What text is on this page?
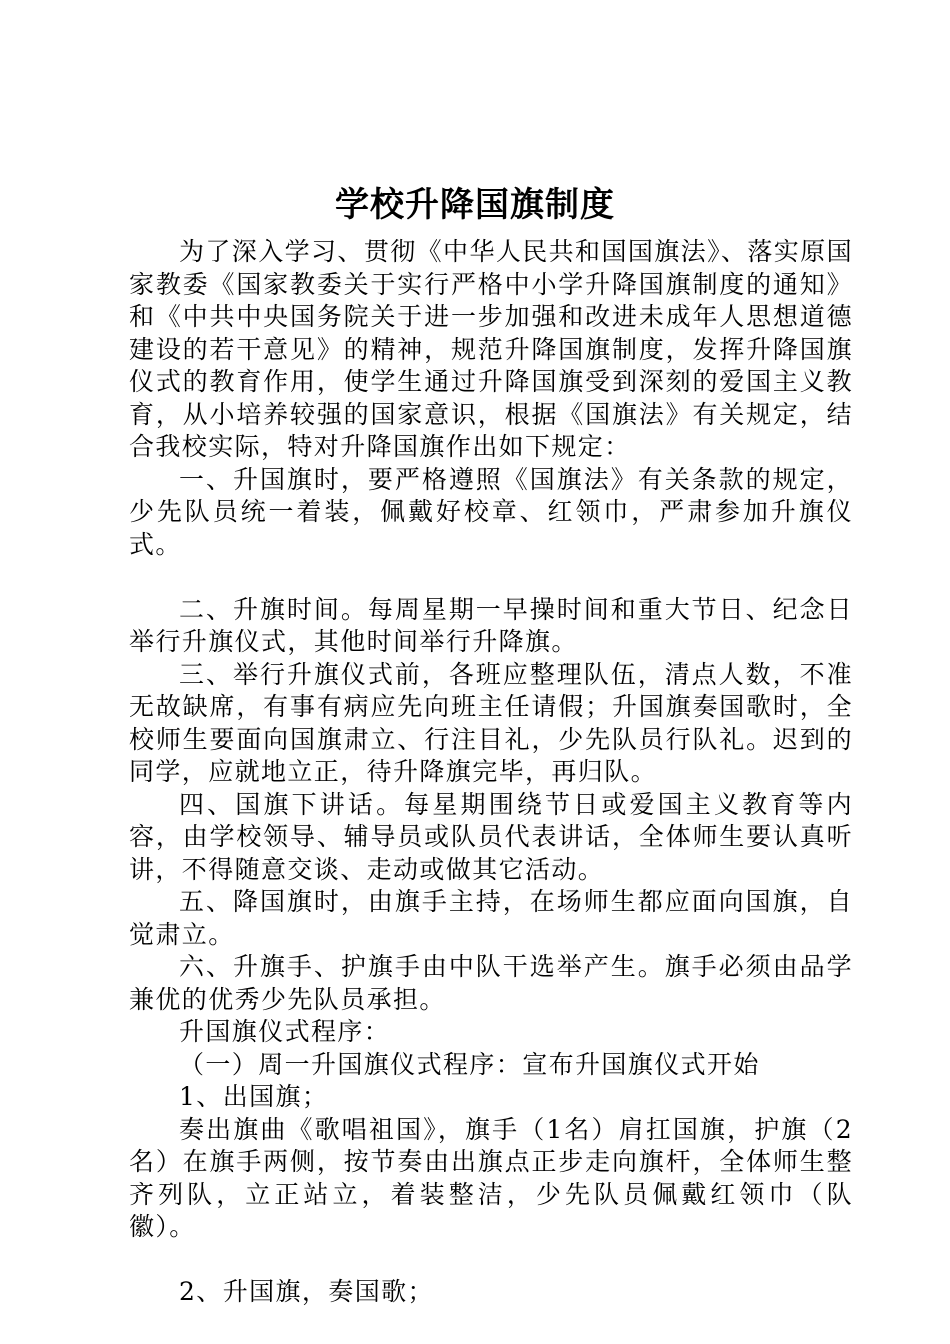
学校升降国旗制度

为了深入学习、贯彻《中华人民共和国国旗法》、落实原国家教委《国家教委关于实行严格中小学升降国旗制度的通知》和《中共中央国务院关于进一步加强和改进未成年人思想道德建设的若干意见》的精神，规范升降国旗制度，发挥升降国旗仪式的教育作用，使学生通过升降国旗受到深刻的爱国主义教育，从小培养较强的国家意识，根据《国旗法》有关规定，结合我校实际，特对升降国旗作出如下规定：

一、升国旗时，要严格遵照《国旗法》有关条款的规定，少先队员统一着装，佩戴好校章、红领巾，严肃参加升旗仪式。

二、升旗时间。每周星期一早操时间和重大节日、纪念日举行升旗仪式，其他时间举行升降旗。

三、举行升旗仪式前，各班应整理队伍，清点人数，不准无故缺席，有事有病应先向班主任请假；升国旗奏国歌时，全校师生要面向国旗肃立、行注目礼，少先队员行队礼。迟到的同学，应就地立正，待升降旗完毕，再归队。

四、国旗下讲话。每星期围绕节日或爱国主义教育等内容，由学校领导、辅导员或队员代表讲话，全体师生要认真听讲，不得随意交谈、走动或做其它活动。

五、降国旗时，由旗手主持，在场师生都应面向国旗，自觉肃立。

六、升旗手、护旗手由中队干选举产生。旗手必须由品学兼优的优秀少先队员承担。

升国旗仪式程序：

（一）周一升国旗仪式程序：宣布升国旗仪式开始

1、出国旗；

奏出旗曲《歌唱祖国》，旗手（1名）肩扛国旗，护旗（2名）在旗手两侧，按节奏由出旗点正步走向旗杆，全体师生整齐列队，立正站立，着装整洁，少先队员佩戴红领巾（队徽）。

2、升国旗，奏国歌；
